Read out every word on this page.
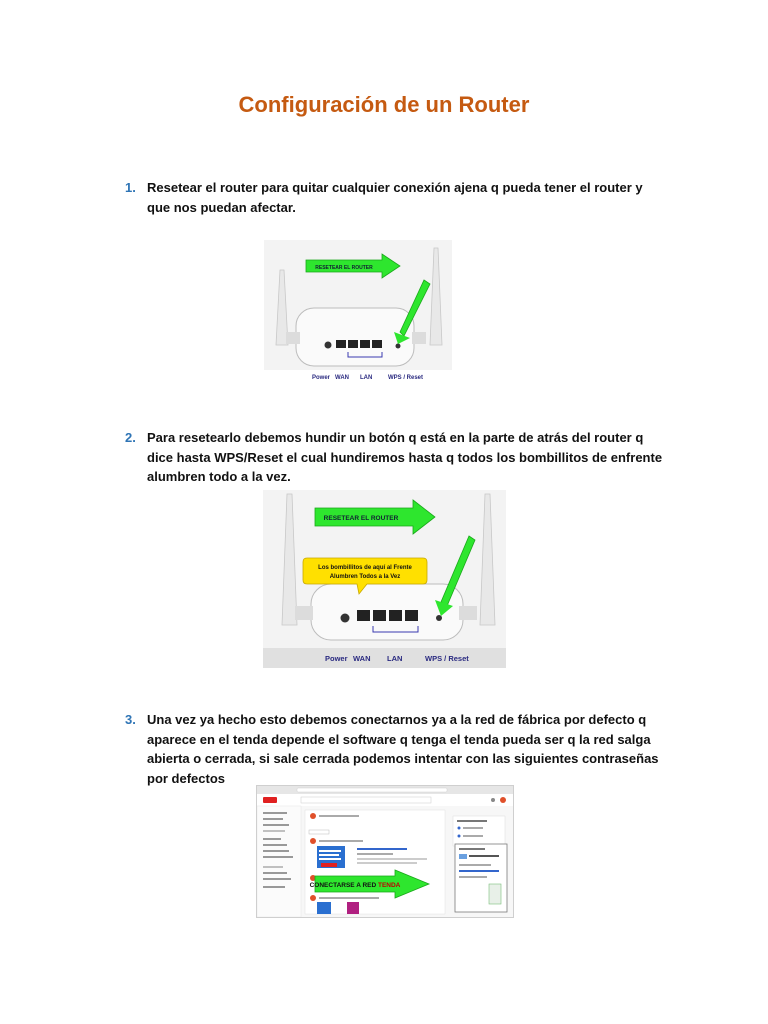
Configuración de un Router
1. Resetear el router para quitar cualquier conexión ajena q pueda tener el router y que nos puedan afectar.
RESETEAR EL ROUTER
Power WAN LAN	WPS / Reset
2. Para resetearlo debemos hundir un botón q está en la parte de atrás del router q dice hasta WPS/Reset el cual hundiremos hasta q todos los bombillitos de enfrente alumbren todo a la vez.
RESETEAR EL ROUTER
Los bombillitos de aquí al Frente
Alumbren Todos a la Vez
Power WAN LAN	WPS / Reset
3. Una vez ya hecho esto debemos conectarnos ya a la red de fábrica por defecto q aparece en el tenda depende el software q tenga el tenda pueda ser q la red salga abierta o cerrada, si sale cerrada podemos intentar con las siguientes contraseñas por defectos
CONECTARSE A RED TENDA
